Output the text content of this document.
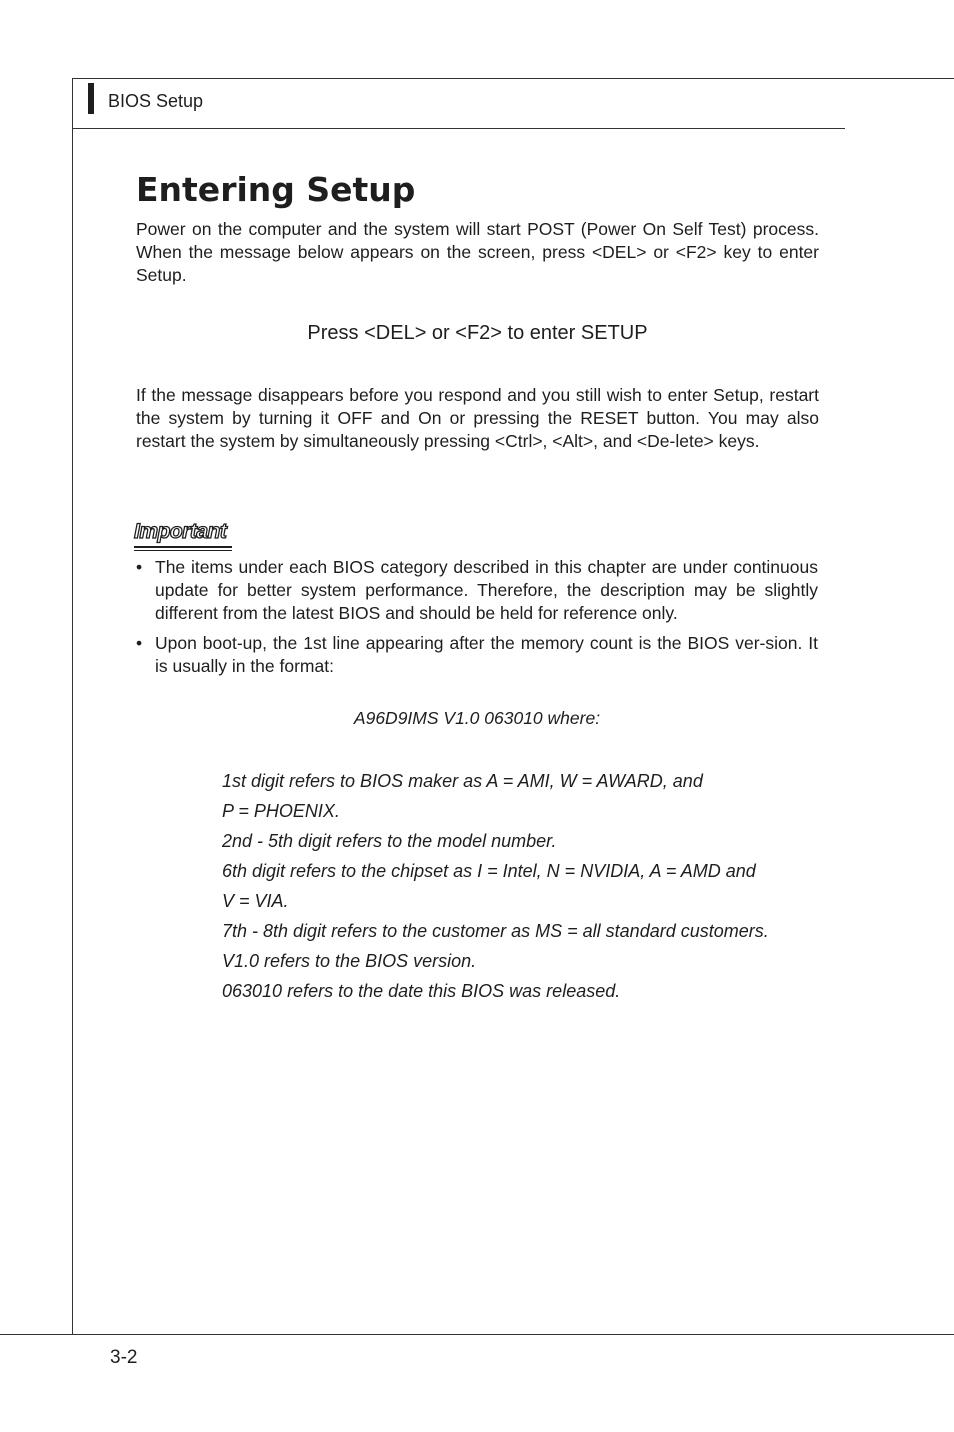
BIOS Setup
Entering Setup

Power on the computer and the system will start POST (Power On Self Test) process. When the message below appears on the screen, press <DEL> or <F2> key to enter Setup.

Press <DEL> or <F2> to enter SETUP

If the message disappears before you respond and you still wish to enter Setup, restart the system by turning it OFF and On or pressing the RESET button. You may also restart the system by simultaneously pressing <Ctrl>, <Alt>, and <De-lete> keys.

Important
• The items under each BIOS category described in this chapter are under continuous update for better system performance. Therefore, the description may be slightly different from the latest BIOS and should be held for reference only.
• Upon boot-up, the 1st line appearing after the memory count is the BIOS ver-sion. It is usually in the format:

A96D9IMS V1.0 063010 where:

1st digit refers to BIOS maker as A = AMI, W = AWARD, and
P = PHOENIX.
2nd - 5th digit refers to the model number.
6th digit refers to the chipset as I = Intel, N = NVIDIA, A = AMD and
V = VIA.
7th - 8th digit refers to the customer as MS = all standard customers.
V1.0 refers to the BIOS version.
063010 refers to the date this BIOS was released.
3-2
